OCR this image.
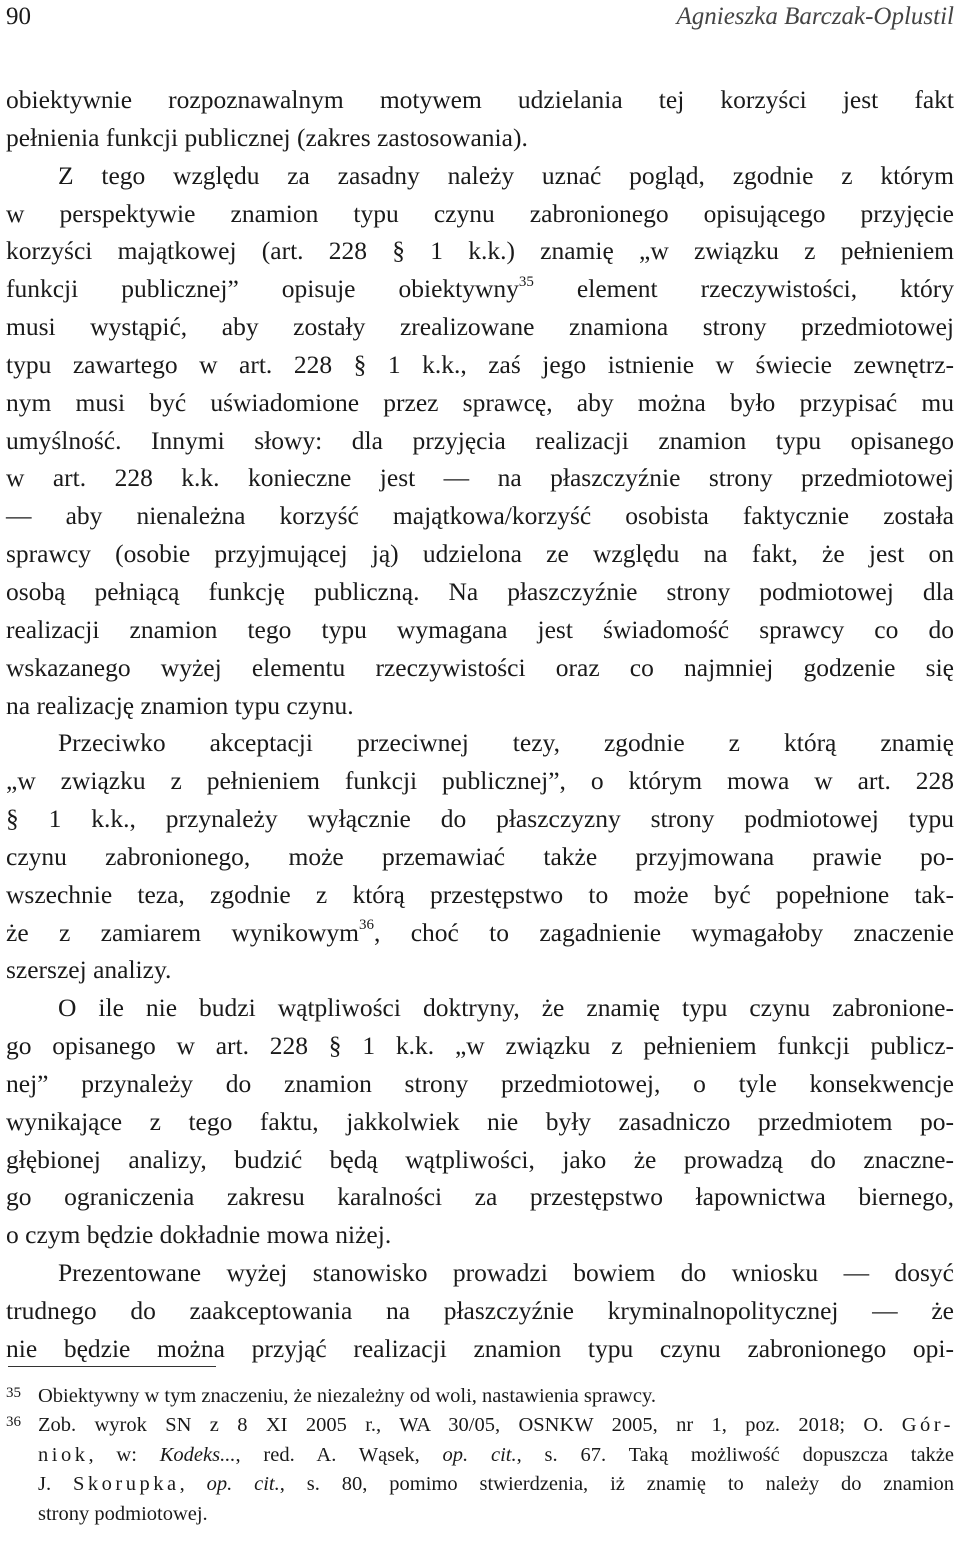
90	Agnieszka Barczak-Oplustil
obiektywnie rozpoznawalnym motywem udzielania tej korzyści jest fakt
pełnienia funkcji publicznej (zakres zastosowania).
Z tego względu za zasadny należy uznać pogląd, zgodnie z którym
w perspektywie znamion typu czynu zabronionego opisującego przyjęcie
korzyści majątkowej (art. 228 § 1 k.k.) znamię „w związku z pełnieniem
funkcji publicznej” opisuje obiektywny$^{35}$ element rzeczywistości, który
musi wystąpić, aby zostały zrealizowane znamiona strony przedmiotowej
typu zawartego w art. 228 § 1 k.k., zaś jego istnienie w świecie zewnętrz-
nym musi być uświadomione przez sprawcę, aby można było przypisać mu
umyślność. Innymi słowy: dla przyjęcia realizacji znamion typu opisanego
w art. 228 k.k. konieczne jest — na płaszczyźnie strony przedmiotowej
— aby nienależna korzyść majątkowa/korzyść osobista faktycznie została
sprawcy (osobie przyjmującej ją) udzielona ze względu na fakt, że jest on
osobą pełniącą funkcję publiczną. Na płaszczyźnie strony podmiotowej dla
realizacji znamion tego typu wymagana jest świadomość sprawcy co do
wskazanego wyżej elementu rzeczywistości oraz co najmniej godzenie się
na realizację znamion typu czynu.
Przeciwko akceptacji przeciwnej tezy, zgodnie z którą znamię
„w związku z pełnieniem funkcji publicznej”, o którym mowa w art. 228
§ 1 k.k., przynależy wyłącznie do płaszczyzny strony podmiotowej typu
czynu zabronionego, może przemawiać także przyjmowana prawie po-
wszechnie teza, zgodnie z którą przestępstwo to może być popełnione tak-
że z zamiarem wynikowym$^{36}$, choć to zagadnienie wymagałoby znaczenie
szerszej analizy.
O ile nie budzi wątpliwości doktryny, że znamię typu czynu zabronione-
go opisanego w art. 228 § 1 k.k. „w związku z pełnieniem funkcji publicz-
nej” przynależy do znamion strony przedmiotowej, o tyle konsekwencje
wynikające z tego faktu, jakkolwiek nie były zasadniczo przedmiotem po-
głębionej analizy, budzić będą wątpliwości, jako że prowadzą do znaczne-
go ograniczenia zakresu karalności za przestępstwo łapownictwa biernego,
o czym będzie dokładnie mowa niżej.
Prezentowane wyżej stanowisko prowadzi bowiem do wniosku — dosyć
trudnego do zaakceptowania na płaszczyźnie kryminalnopolitycznej — że
nie będzie można przyjąć realizacji znamion typu czynu zabronionego opi-
35 Obiektywny w tym znaczeniu, że niezależny od woli, nastawienia sprawcy.
36 Zob. wyrok SN z 8 XI 2005 r., WA 30/05, OSNKW 2005, nr 1, poz. 2018; O. Gór-
niok, w: Kodeks..., red. A. Wąsek, op. cit., s. 67. Taką możliwość dopuszcza także
J. Skorupka, op. cit., s. 80, pomimo stwierdzenia, iż znamię to należy do znamion
strony podmiotowej.
